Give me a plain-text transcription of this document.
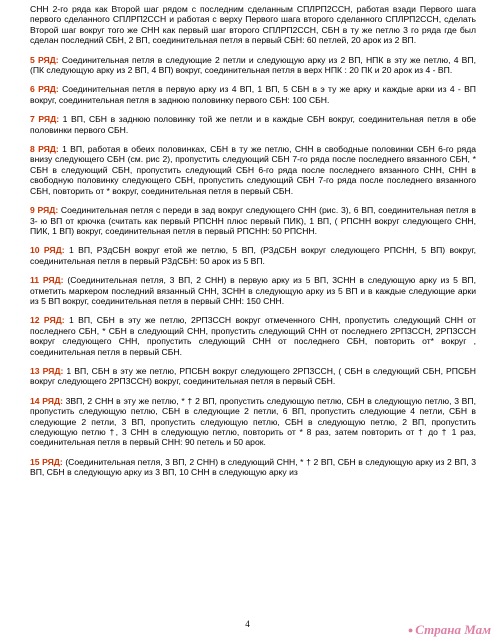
СНН 2-го ряда как Второй шаг рядом с последним сделанным СПЛРП2ССН, работая взади Первого шага первого сделанного СПЛРП2ССН и работая с верху Первого шага второго сделанного СПЛРП2ССН, сделать Второй шаг вокруг того же СНН как первый шаг второго СПЛРП2ССН, СБН в ту же петлю 3 го ряда где был сделан последний СБН, 2 ВП, соединительная петля в первый СБН: 60 петлей, 20 арок из 2 ВП.

5 РЯД: Соединительная петля в следующие 2 петли и следующую арку из 2 ВП, НПК в эту же петлю, 4 ВП, (ПК следующую арку из 2 ВП, 4 ВП) вокруг, соединительная петля в верх НПК : 20 ПК и 20 арок из 4 - ВП.

6 РЯД: Соединительная петля в первую арку из 4 ВП, 1 ВП, 5 СБН в э ту же арку и каждые арки из 4 - ВП вокруг, соединительная петля в заднюю половинку первого СБН: 100 СБН.

7 РЯД: 1 ВП, СБН в заднюю половинку той же петли и в каждые СБН вокруг, соединительная петля в обе половинки первого СБН.

8 РЯД: 1 ВП, работая в обеих половинках, СБН в ту же петлю, СНН в свободные половинки СБН 6-го ряда внизу следующего СБН (см. рис 2), пропустить следующий СБН 7-го ряда после последнего вязанного СБН, * СБН в следующий СБН, пропустить следующий СБН 6-го ряда после последнего вязанного СНН, СНН в свободную половинку следующего СБН, пропустить следующий СБН 7-го ряда после последнего вязанного СБН, повторить от * вокруг, соединительная петля в первый СБН.

9 РЯД: Соединительная петля с переди в зад вокруг следующего СНН (рис. 3), 6 ВП, соединительная петля в 3- ю ВП от крючка (считать как первый РПСНН плюс первый ПИК), 1 ВП, ( РПСНН вокруг следующего СНН, ПИК, 1 ВП) вокруг, соединительная петля в первый РПСНН: 50 РПСНН.

10 РЯД: 1 ВП, Р3дСБН вокруг етой же петлю, 5 ВП, (Р3дСБН вокруг следующего РПСНН, 5 ВП) вокруг, соединительная петля в первый Р3дСБН: 50 арок из 5 ВП.

11 РЯД: (Соединительная петля, 3 ВП, 2 СНН) в первую арку из 5 ВП, 3СНН в следующую арку из 5 ВП, отметить маркером последний вязанный СНН, 3СНН в следующую арку из 5 ВП и в каждые следующие арки из 5 ВП вокруг, соединительная петля в первый СНН: 150 СНН.

12 РЯД: 1 ВП, СБН в эту же петлю, 2РП3ССН вокруг отмеченного СНН, пропустить следующий СНН от последнего СБН, * СБН в следующий СНН, пропустить следующий СНН от последнего 2РП3ССН, 2РП3ССН вокруг следующего СНН, пропустить следующий СНН от последнего СБН, повторить от* вокруг , соединительная петля в первый СБН.

13 РЯД: 1 ВП, СБН в эту же петлю, РПСБН вокруг следующего 2РП3ССН, ( СБН в следующий СБН, РПСБН вокруг следующего 2РП3ССН) вокруг, соединительная петля в первый СБН.

14 РЯД: 3ВП, 2 СНН в эту же петлю, * † 2 ВП, пропустить следующую петлю, СБН в следующую петлю, 3 ВП, пропустить следующую петлю, СБН в следующие 2 петли, 6 ВП, пропустить следующие 4 петли, СБН в следующие 2 петли, 3 ВП, пропустить следующую петлю, СБН в следующую петлю, 2 ВП, пропустить следующую петлю †, 3 СНН в следующую петлю, повторить от * 8 раз, затем повторить от † до † 1 раз, соединительная петля в первый СНН: 90 петель и 50 арок.

15 РЯД: (Соединительная петля, 3 ВП, 2 СНН) в следующий СНН, * † 2 ВП, СБН в следующую арку из 2 ВП, 3 ВП, СБН в следующую арку из 3 ВП, 10 СНН в следующую арку из

4
● Страна Мам
